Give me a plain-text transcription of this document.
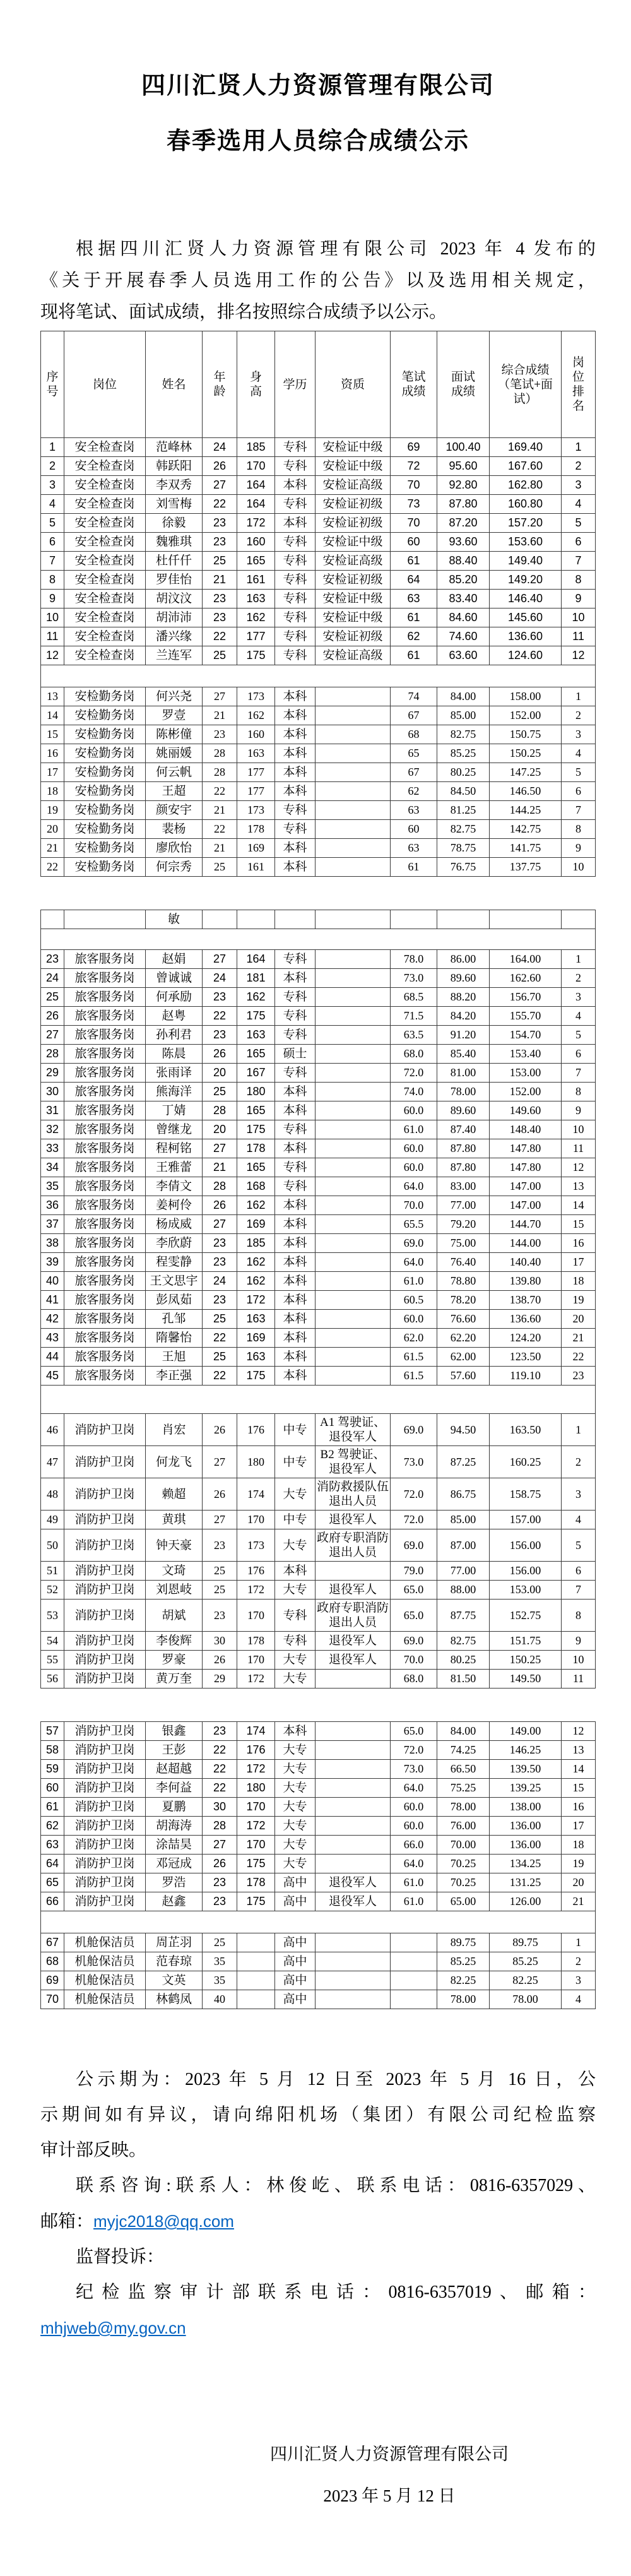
四川汇贤人力资源管理有限公司
春季选用人员综合成绩公示
根据四川汇贤人力资源管理有限公司 2023 年 4 发布的
《关于开展春季人员选用工作的公告》以及选用相关规定，
现将笔试、面试成绩，排名按照综合成绩予以公示。
序号	岗位	姓名	年龄	身高	学历	资质	笔试成绩	面试成绩	综合成绩（笔试+面试）	岗位排名
1	安全检查岗	范峰林	24	185	专科	安检证中级	69	100.40	169.40	1
2	安全检查岗	韩跃阳	26	170	专科	安检证中级	72	95.60	167.60	2
3	安全检查岗	李双秀	27	164	本科	安检证高级	70	92.80	162.80	3
4	安全检查岗	刘雪梅	22	164	专科	安检证初级	73	87.80	160.80	4
5	安全检查岗	徐毅	23	172	本科	安检证初级	70	87.20	157.20	5
6	安全检查岗	魏雅琪	23	160	专科	安检证中级	60	93.60	153.60	6
7	安全检查岗	杜仟仟	25	165	专科	安检证高级	61	88.40	149.40	7
8	安全检查岗	罗佳怡	21	161	专科	安检证初级	64	85.20	149.20	8
9	安全检查岗	胡汶汶	23	163	专科	安检证中级	63	83.40	146.40	9
10	安全检查岗	胡沛沛	23	162	专科	安检证中级	61	84.60	145.60	10
11	安全检查岗	潘兴缘	22	177	专科	安检证初级	62	74.60	136.60	11
12	安全检查岗	兰连军	25	175	专科	安检证高级	61	63.60	124.60	12

13	安检勤务岗	何兴尧	27	173	本科		74	84.00	158.00	1
14	安检勤务岗	罗壹	21	162	本科		67	85.00	152.00	2
15	安检勤务岗	陈彬僮	23	160	本科		68	82.75	150.75	3
16	安检勤务岗	姚丽媛	28	163	本科		65	85.25	150.25	4
17	安检勤务岗	何云帆	28	177	本科		67	80.25	147.25	5
18	安检勤务岗	王超	22	177	本科		62	84.50	146.50	6
19	安检勤务岗	颜安宇	21	173	专科		63	81.25	144.25	7
20	安检勤务岗	裴杨	22	178	专科		60	82.75	142.75	8
21	安检勤务岗	廖欣怡	21	169	本科		63	78.75	141.75	9
22	安检勤务岗	何宗秀	25	161	本科		61	76.75	137.75	10
		敏								

23	旅客服务岗	赵娟	27	164	专科		78.0	86.00	164.00	1
24	旅客服务岗	曾诚诚	24	181	本科		73.0	89.60	162.60	2
25	旅客服务岗	何承励	23	162	专科		68.5	88.20	156.70	3
26	旅客服务岗	赵粤	22	175	专科		71.5	84.20	155.70	4
27	旅客服务岗	孙利君	23	163	专科		63.5	91.20	154.70	5
28	旅客服务岗	陈晨	26	165	硕士		68.0	85.40	153.40	6
29	旅客服务岗	张雨译	20	167	专科		72.0	81.00	153.00	7
30	旅客服务岗	熊海洋	25	180	本科		74.0	78.00	152.00	8
31	旅客服务岗	丁婧	28	165	本科		60.0	89.60	149.60	9
32	旅客服务岗	曾继龙	20	175	专科		61.0	87.40	148.40	10
33	旅客服务岗	程柯铭	27	178	本科		60.0	87.80	147.80	11
34	旅客服务岗	王雅蕾	21	165	专科		60.0	87.80	147.80	12
35	旅客服务岗	李倩文	28	168	专科		64.0	83.00	147.00	13
36	旅客服务岗	姜柯伶	26	162	本科		70.0	77.00	147.00	14
37	旅客服务岗	杨成威	27	169	本科		65.5	79.20	144.70	15
38	旅客服务岗	李欣蔚	23	185	本科		69.0	75.00	144.00	16
39	旅客服务岗	程雯静	23	162	本科		64.0	76.40	140.40	17
40	旅客服务岗	王文思宇	24	162	本科		61.0	78.80	139.80	18
41	旅客服务岗	彭凤茹	23	172	本科		60.5	78.20	138.70	19
42	旅客服务岗	孔邹	25	163	本科		60.0	76.60	136.60	20
43	旅客服务岗	隋馨怡	22	169	本科		62.0	62.20	124.20	21
44	旅客服务岗	王旭	25	163	本科		61.5	62.00	123.50	22
45	旅客服务岗	李正强	22	175	本科		61.5	57.60	119.10	23

46	消防护卫岗	肖宏	26	176	中专	A1 驾驶证、退役军人	69.0	94.50	163.50	1
47	消防护卫岗	何龙飞	27	180	中专	B2 驾驶证、退役军人	73.0	87.25	160.25	2
48	消防护卫岗	赖超	26	174	大专	消防救援队伍退出人员	72.0	86.75	158.75	3
49	消防护卫岗	黄琪	27	170	中专	退役军人	72.0	85.00	157.00	4
50	消防护卫岗	钟天豪	23	173	大专	政府专职消防退出人员	69.0	87.00	156.00	5
51	消防护卫岗	文琦	25	176	本科		79.0	77.00	156.00	6
52	消防护卫岗	刘恩岐	25	172	大专	退役军人	65.0	88.00	153.00	7
53	消防护卫岗	胡斌	23	170	专科	政府专职消防退出人员	65.0	87.75	152.75	8
54	消防护卫岗	李俊辉	30	178	专科	退役军人	69.0	82.75	151.75	9
55	消防护卫岗	罗豪	26	170	大专	退役军人	70.0	80.25	150.25	10
56	消防护卫岗	黄万奎	29	172	大专		68.0	81.50	149.50	11
57	消防护卫岗	银鑫	23	174	本科		65.0	84.00	149.00	12
58	消防护卫岗	王彭	22	176	大专		72.0	74.25	146.25	13
59	消防护卫岗	赵超越	22	172	大专		73.0	66.50	139.50	14
60	消防护卫岗	李何益	22	180	大专		64.0	75.25	139.25	15
61	消防护卫岗	夏鹏	30	170	大专		60.0	78.00	138.00	16
62	消防护卫岗	胡海涛	28	172	大专		60.0	76.00	136.00	17
63	消防护卫岗	涂喆昊	27	170	大专		66.0	70.00	136.00	18
64	消防护卫岗	邓冠成	26	175	大专		64.0	70.25	134.25	19
65	消防护卫岗	罗浩	23	178	高中	退役军人	61.0	70.25	131.25	20
66	消防护卫岗	赵鑫	23	175	高中	退役军人	61.0	65.00	126.00	21

67	机舱保洁员	周芷羽	25		高中			89.75	89.75	1
68	机舱保洁员	范春琼	35		高中			85.25	85.25	2
69	机舱保洁员	文英	35		高中			82.25	82.25	3
70	机舱保洁员	林鹤凤	40		高中			78.00	78.00	4

公示期为：2023 年 5 月 12 日至 2023 年 5 月 16 日，公
示期间如有异议，请向绵阳机场（集团）有限公司纪检监察
审计部反映。

联系咨询:联系人：林俊屹、联系电话：0816-6357029、
邮箱：myjc2018@qq.com

监督投诉：

纪检监察审计部联系电话：0816-6357019、邮箱：
mhjweb@my.gov.cn

四川汇贤人力资源管理有限公司
2023 年 5 月 12 日
